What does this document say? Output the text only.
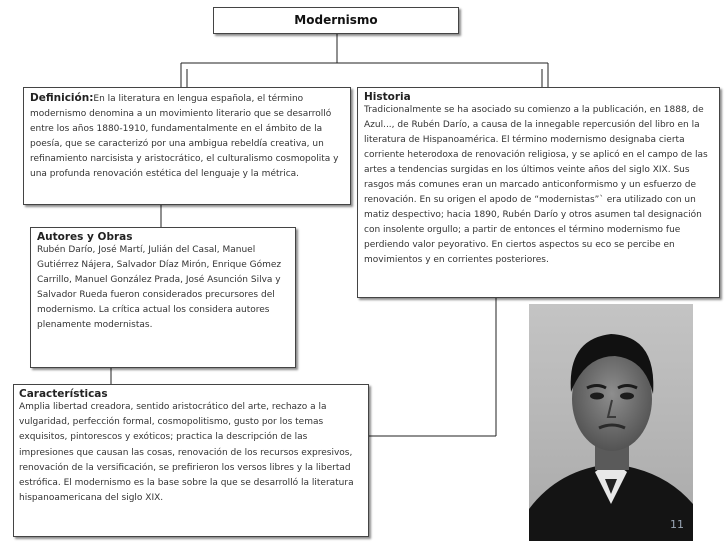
Modernismo
Definición:En la literatura en lengua española, el término modernismo denomina a un movimiento literario que se desarrolló entre los años 1880-1910, fundamentalmente en el ámbito de la poesía, que se caracterizó por una ambigua rebeldía creativa, un refinamiento narcisista y aristocrático, el culturalismo cosmopolita y una profunda renovación estética del lenguaje y la métrica.
Historia
Tradicionalmente se ha asociado su comienzo a la publicación, en 1888, de Azul..., de Rubén Darío, a causa de la innegable repercusión del libro en la literatura de Hispanoamérica. El término modernismo designaba cierta corriente heterodoxa de renovación religiosa, y se aplicó en el campo de las artes a tendencias surgidas en los últimos veinte años del siglo XIX. Sus rasgos más comunes eran un marcado anticonformismo y un esfuerzo de renovación. En su origen el apodo de “modernistas”` era utilizado con un matiz despectivo; hacia 1890, Rubén Darío y otros asumen tal designación con insolente orgullo; a partir de entonces el término modernismo fue perdiendo valor peyorativo. En ciertos aspectos su eco se percibe en movimientos y en corrientes posteriores.
Autores y Obras
Rubén Darío, José Martí, Julián del Casal, Manuel Gutiérrez Nájera, Salvador Díaz Mirón, Enrique Gómez Carrillo, Manuel González Prada, José Asunción Silva y Salvador Rueda fueron considerados precursores del modernismo. La crítica actual los considera autores plenamente modernistas.
Características
Amplia libertad creadora, sentido aristocrático del arte, rechazo a la vulgaridad, perfección formal, cosmopolitismo, gusto por los temas exquisitos, pintorescos y exóticos; practica la descripción de las impresiones que causan las cosas, renovación de los recursos expresivos, renovación de la versificación, se prefirieron los versos libres y la libertad estrófica. El modernismo es la base sobre la que se desarrolló la literatura hispanoamericana del siglo XIX.
11
